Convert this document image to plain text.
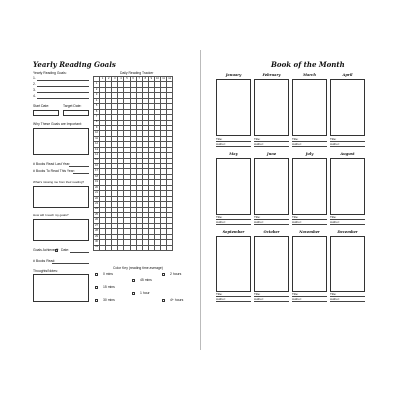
Yearly Reading Goals
Yearly Reading Goals:
1.
2.
3.
4.
Start Date:	Target Date:
Why These Goals are Important:
# Books Read Last Year:
# Books To Read This Year:
What's missing me from their reading?
How will I reach my goals?
Goals Achieved? Date:
# Books Read:
Thoughts/Notes:
Daily Reading Tracker
	1	2	3	4	5	6	7	8	9	10	11	12
1												
2												
3												
4												
5												
6												
7												
8												
9												
10												
11												
12												
13												
14												
15												
16												
17												
18												
19												
20												
21												
22												
23												
24												
25												
26												
27												
28												
29												
30												
31												
Color Key (reading time average)
0 mins
15 mins
30 mins
45 mins
1 hour
2 hours
4+ hours
Book of the Month
January
Title:
Author:
February
Title:
Author:
March
Title:
Author:
April
Title:
Author:
May
Title:
Author:
June
Title:
Author:
July
Title:
Author:
August
Title:
Author:
September
Title:
Author:
October
Title:
Author:
November
Title:
Author:
December
Title:
Author:
